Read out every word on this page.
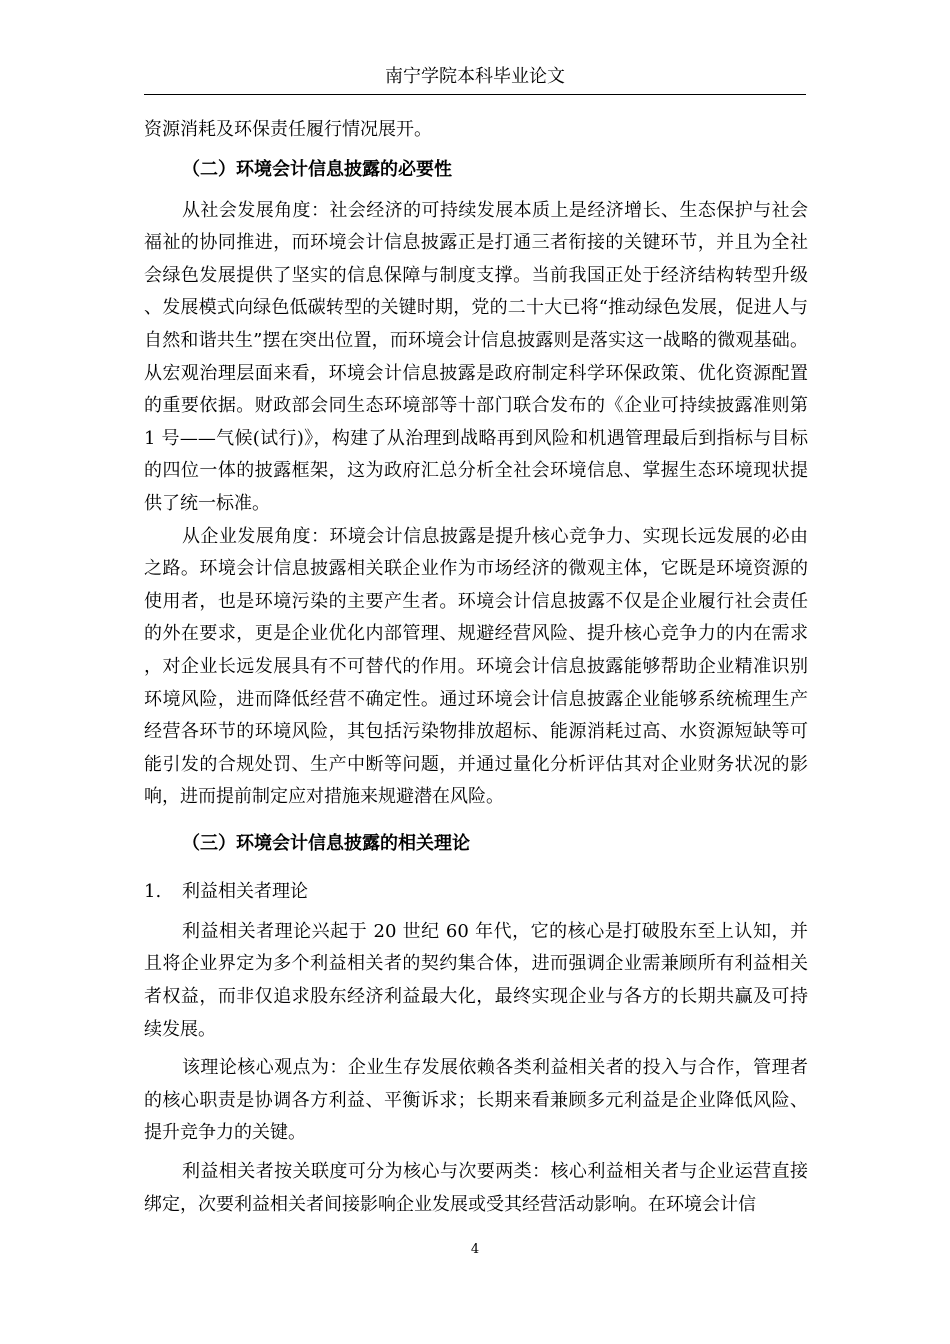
南宁学院本科毕业论文

资源消耗及环保责任履行情况展开。

（二）环境会计信息披露的必要性

从社会发展角度：社会经济的可持续发展本质上是经济增长、生态保护与社会福祉的协同推进，而环境会计信息披露正是打通三者衔接的关键环节，并且为全社会绿色发展提供了坚实的信息保障与制度支撑。当前我国正处于经济结构转型升级、发展模式向绿色低碳转型的关键时期，党的二十大已将“推动绿色发展，促进人与自然和谐共生”摆在突出位置，而环境会计信息披露则是落实这一战略的微观基础。从宏观治理层面来看，环境会计信息披露是政府制定科学环保政策、优化资源配置的重要依据。财政部会同生态环境部等十部门联合发布的《企业可持续披露准则第 1 号——气候(试行)》，构建了从治理到战略再到风险和机遇管理最后到指标与目标的四位一体的披露框架，这为政府汇总分析全社会环境信息、掌握生态环境现状提供了统一标准。

从企业发展角度：环境会计信息披露是提升核心竞争力、实现长远发展的必由之路。环境会计信息披露相关联企业作为市场经济的微观主体，它既是环境资源的使用者，也是环境污染的主要产生者。环境会计信息披露不仅是企业履行社会责任的外在要求，更是企业优化内部管理、规避经营风险、提升核心竞争力的内在需求，对企业长远发展具有不可替代的作用。环境会计信息披露能够帮助企业精准识别环境风险，进而降低经营不确定性。通过环境会计信息披露企业能够系统梳理生产经营各环节的环境风险，其包括污染物排放超标、能源消耗过高、水资源短缺等可能引发的合规处罚、生产中断等问题，并通过量化分析评估其对企业财务状况的影响，进而提前制定应对措施来规避潜在风险。

（三）环境会计信息披露的相关理论
1.	利益相关者理论

利益相关者理论兴起于 20 世纪 60 年代，它的核心是打破股东至上认知，并且将企业界定为多个利益相关者的契约集合体，进而强调企业需兼顾所有利益相关者权益，而非仅追求股东经济利益最大化，最终实现企业与各方的长期共赢及可持续发展。

该理论核心观点为：企业生存发展依赖各类利益相关者的投入与合作，管理者的核心职责是协调各方利益、平衡诉求；长期来看兼顾多元利益是企业降低风险、提升竞争力的关键。

利益相关者按关联度可分为核心与次要两类：核心利益相关者与企业运营直接绑定，次要利益相关者间接影响企业发展或受其经营活动影响。在环境会计信

4
